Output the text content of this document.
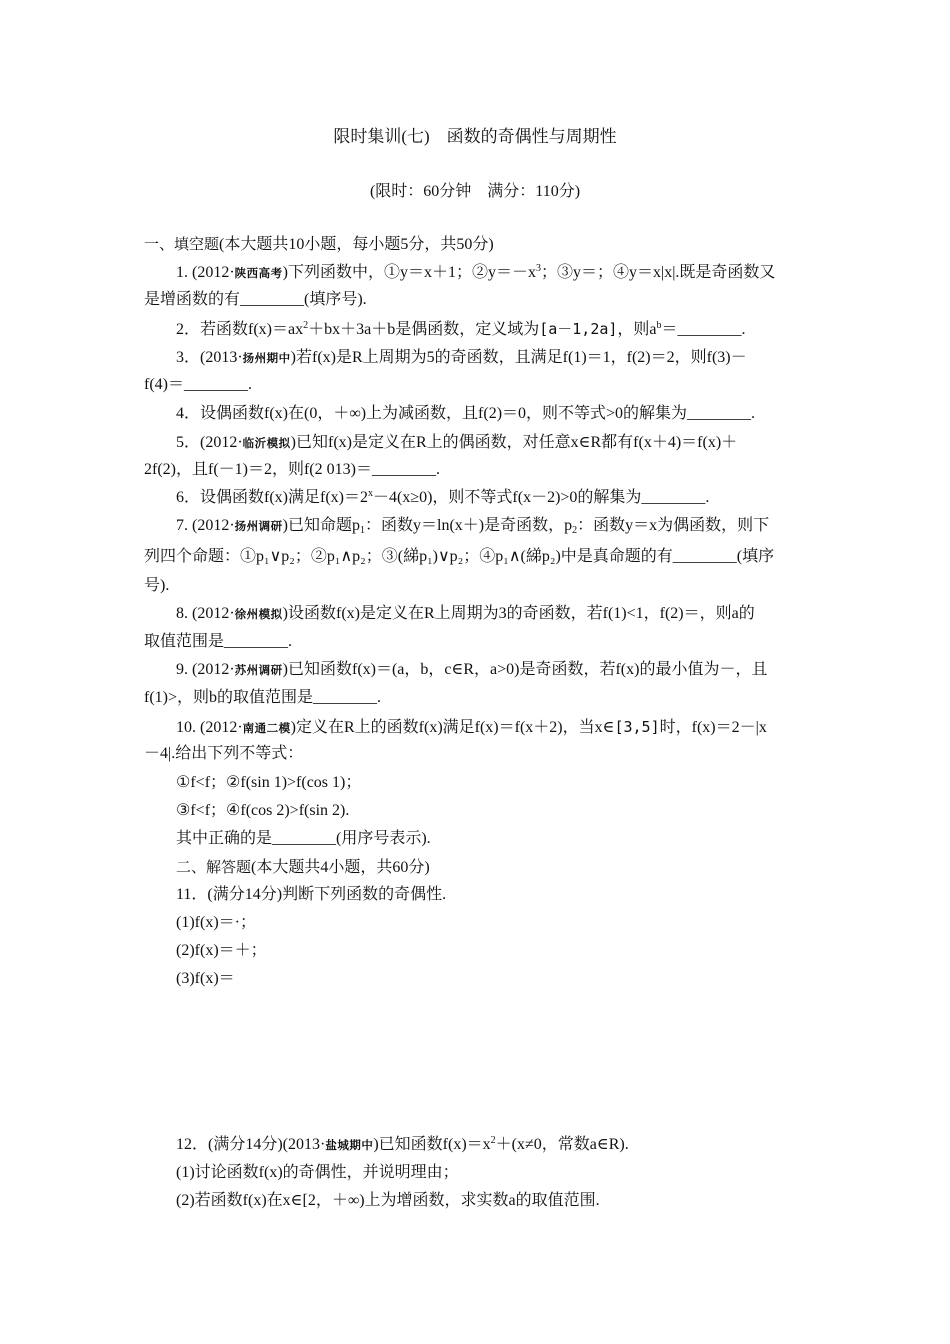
限时集训(七)　函数的奇偶性与周期性
(限时：60分钟　满分：110分)
一、填空题(本大题共10小题，每小题5分，共50分)
1. (2012·陕西高考)下列函数中，①y＝x＋1；$②y=-x^3$；③y＝；④y＝x|x|.既是奇函数又
是增函数的有________(填序号).
2．若函数$f(x)=ax^2+bx+3a+b$是偶函数，定义域为[a－1,2a]，则$a^b=\_\_\_\_\_\_\_\_$.
3．(2013·扬州期中)若f(x)是R上周期为5的奇函数，且满足f(1)＝1，f(2)＝2，则f(3)－
f(4)＝________.
4．设偶函数f(x)在(0，＋∞)上为减函数，且f(2)＝0，则不等式>0的解集为________.
5．(2012·临沂模拟)已知f(x)是定义在R上的偶函数，对任意x∈R都有f(x＋4)＝f(x)＋
2f(2)，且f(－1)＝2，则f(2 013)＝________.
6．设偶函数f(x)满足$f(x)=2^x-4(x\ge 0)$，则不等式f(x－2)>0的解集为________.
7. (2012·扬州调研)已知命题$p_1$：函数y＝ln(x＋)是奇函数，$p_2$：函数y＝x为偶函数，则下
列四个命题：①p₁∨p₂；②p₁∧p₂；③(綈p₁)∨p₂；④p₁∧(綈p₂)中是真命题的有________(填序
号).
8. (2012·徐州模拟)设函数f(x)是定义在R上周期为3的奇函数，若f(1)<1，f(2)＝，则a的
取值范围是________.
9. (2012·苏州调研)已知函数f(x)＝(a，b，c∈R，a>0)是奇函数，若f(x)的最小值为－，且
f(1)>，则b的取值范围是________.
10. (2012·南通二模)定义在R上的函数f(x)满足f(x)＝f(x＋2)，当x∈[3,5]时，f(x)＝2－|x
－4|.给出下列不等式：
①f<f；②f(sin 1)>f(cos 1)；
③f<f；④f(cos 2)>f(sin 2).
其中正确的是________(用序号表示).
二、解答题(本大题共4小题，共60分)
11．(满分14分)判断下列函数的奇偶性.
(1)f(x)＝·；
(2)f(x)＝＋；
(3)f(x)＝
12．(满分14分)(2013·盐城期中)已知函数$f(x)=x^2+(x\ne 0$，常数a∈R).
(1)讨论函数f(x)的奇偶性，并说明理由；
(2)若函数f(x)在x∈[2，＋∞)上为增函数，求实数a的取值范围.
